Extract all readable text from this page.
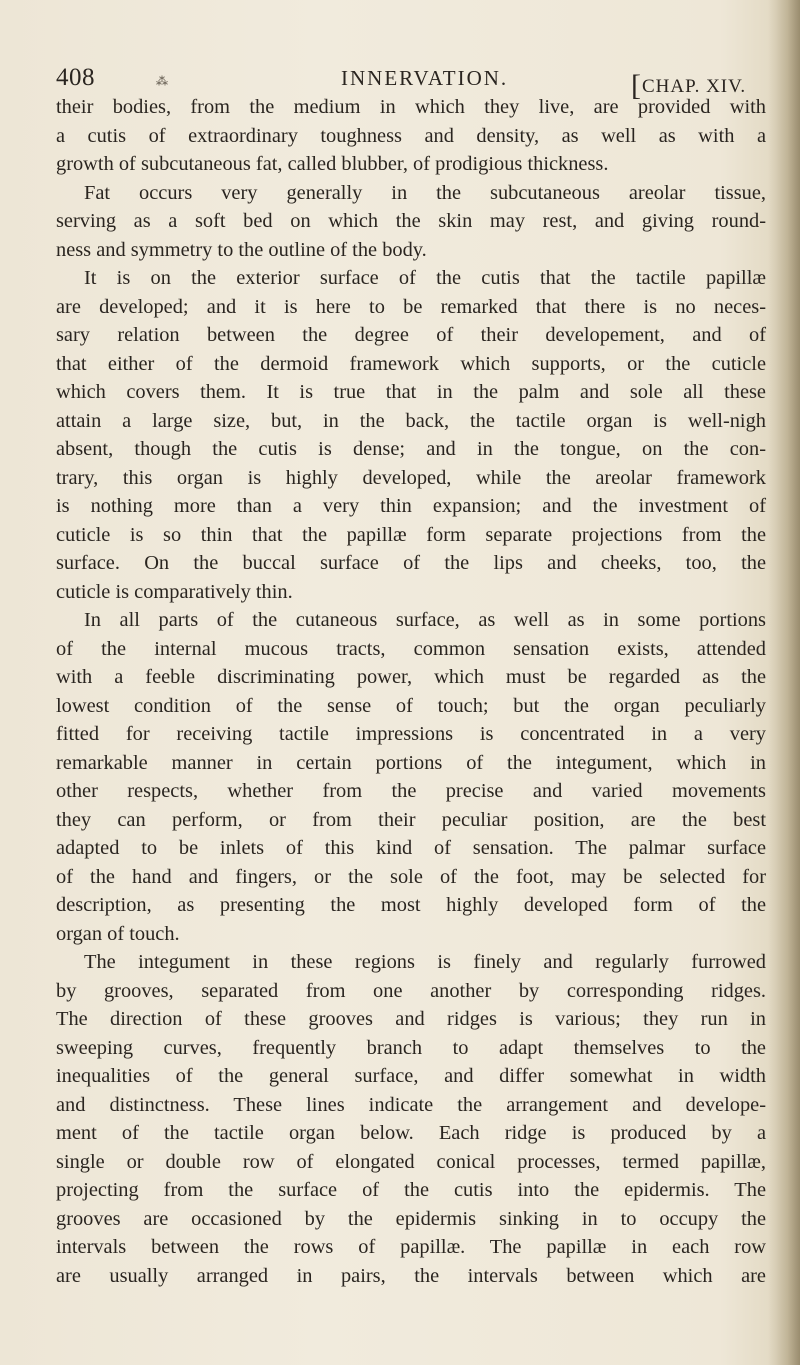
408	⁂	INNERVATION.	[CHAP. XIV.
their bodies, from the medium in which they live, are provided with
a cutis of extraordinary toughness and density, as well as with a
growth of subcutaneous fat, called blubber, of prodigious thickness.
Fat occurs very generally in the subcutaneous areolar tissue,
serving as a soft bed on which the skin may rest, and giving round-
ness and symmetry to the outline of the body.
It is on the exterior surface of the cutis that the tactile papillæ
are developed; and it is here to be remarked that there is no neces-
sary relation between the degree of their developement, and of
that either of the dermoid framework which supports, or the cuticle
which covers them. It is true that in the palm and sole all these
attain a large size, but, in the back, the tactile organ is well-nigh
absent, though the cutis is dense; and in the tongue, on the con-
trary, this organ is highly developed, while the areolar framework
is nothing more than a very thin expansion; and the investment of
cuticle is so thin that the papillæ form separate projections from the
surface. On the buccal surface of the lips and cheeks, too, the
cuticle is comparatively thin.
In all parts of the cutaneous surface, as well as in some portions
of the internal mucous tracts, common sensation exists, attended
with a feeble discriminating power, which must be regarded as the
lowest condition of the sense of touch; but the organ peculiarly
fitted for receiving tactile impressions is concentrated in a very
remarkable manner in certain portions of the integument, which in
other respects, whether from the precise and varied movements
they can perform, or from their peculiar position, are the best
adapted to be inlets of this kind of sensation. The palmar surface
of the hand and fingers, or the sole of the foot, may be selected for
description, as presenting the most highly developed form of the
organ of touch.
The integument in these regions is finely and regularly furrowed
by grooves, separated from one another by corresponding ridges.
The direction of these grooves and ridges is various; they run in
sweeping curves, frequently branch to adapt themselves to the
inequalities of the general surface, and differ somewhat in width
and distinctness. These lines indicate the arrangement and develope-
ment of the tactile organ below. Each ridge is produced by a
single or double row of elongated conical processes, termed papillæ,
projecting from the surface of the cutis into the epidermis. The
grooves are occasioned by the epidermis sinking in to occupy the
intervals between the rows of papillæ. The papillæ in each row
are usually arranged in pairs, the intervals between which are
